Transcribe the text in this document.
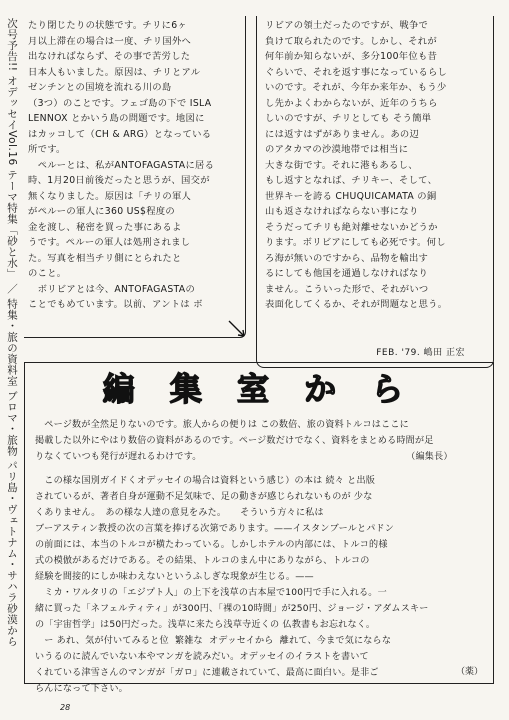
次号予告!! オデッセイVol.16 テーマ特集「砂と水」 ／ 特集・旅の資料室 ブロマ・旅物 パリ島・ヴェトナム・サハラ砂漠から たり閉じたりの状態です。チリに6ヶ

月以上滞在の場合は一度、チリ国外へ

出なければならず、その事で苦労した

日本人もいました。原因は、チリとアル

ゼンチンとの国境を流れる川の島

（3つ）のことです。フェゴ島の下で ISLA

LENNOX とかいう島の問題です。地図に

はカッコして（CH & ARG）となっている

所です。

　ペルーとは、私がANTOFAGASTAに居る

時、1月20日前後だったと思うが、国交が

無くなりました。原因は「チリの軍人

がペルーの軍人に360 US$程度の

金を渡し、秘密を買った事にあるよ

うです。ペルーの軍人は処刑されまし

た。写真を相当チリ側にとられたと

のこと。

　ボリビアとは今、ANTOFAGASTAの

ことでもめています。以前、アントは ボ

リビアの領土だったのですが、戦争で

負けて取られたのです。しかし、それが

何年前か知らないが、多分100年位も昔

ぐらいで、それを返す事になっているらし

いのです。それが、今年か来年か、もう少

し先かよくわからないが、近年のうちら

しいのですが、チリとしても そう簡単

には返すはずがありません。あの辺

のアタカマの沙漠地帯では相当に

大きな街です。それに港もあるし、

もし返すとなれば、チリキー、そして、

世界キーを誇る CHUQUICAMATA の銅

山も返さなければならない事になり

そうだってチリも絶対離せないかどうか

ります。ボリビアにしても必死です。何し

ろ海が無いのですから、品物を輸出す

るにしても他国を通過しなければなり

ません。こういった形で、それがいつ

表面化してくるか、それが問題なと思う。

FEB. '79. 嶋田 正宏
編 集 室 か ら

　ページ数が全然足りないのです。旅人からの便りは この数倍、旅の資料トルコはここに

掲載した以外にやはり数倍の資料があるのです。ページ数だけでなく、資料をまとめる時間が足

りなくていつも発行が遅れるわけです。　　　　　　　　　　　　　　　　　　　　　　　（編集長）

　この様な国別ガイドくオデッセイの場合は資料という感じ）の本は 続々 と出版

されているが、著者自身が運動不足気味で、足の動きが感じられないものが 少な

くありません。　あの様な人達の意見をみた。　　そういう方々に私は

ブーアスティン教授の次の言葉を捧げる次第であります。——イスタンブールとパドン

の前面には、本当のトルコが横たわっている。しかしホテルの内部には、トルコ的様

式の模倣があるだけである。その結果、トルコのまん中にありながら、トルコの

経験を間接的にしか味わえないというふしぎな現象が生じる。——

　ミカ・ワルタリの「エジプト人」の上下を浅草の古本屋で100円で手に入れる。一

緒に買った「ネフェルティティ」が300円、「裸の10時間」が250円、ジョージ・アダムスキー

の「宇宙哲学」は50円だった。浅草に来たら浅草寺近くの 仏教書もお忘れなく。

　ー あれ、気が付いてみると位  繁雑な  オデッセイから  離れて、今まで気にならな

いうるのに読んでいない本やマンガを読みだい。オデッセイのイラストを書いて

くれている津雪さんのマンガが「ガロ」に連載されていて、最高に面白い。是非ご

らんになって下さい。

（薬）
28
